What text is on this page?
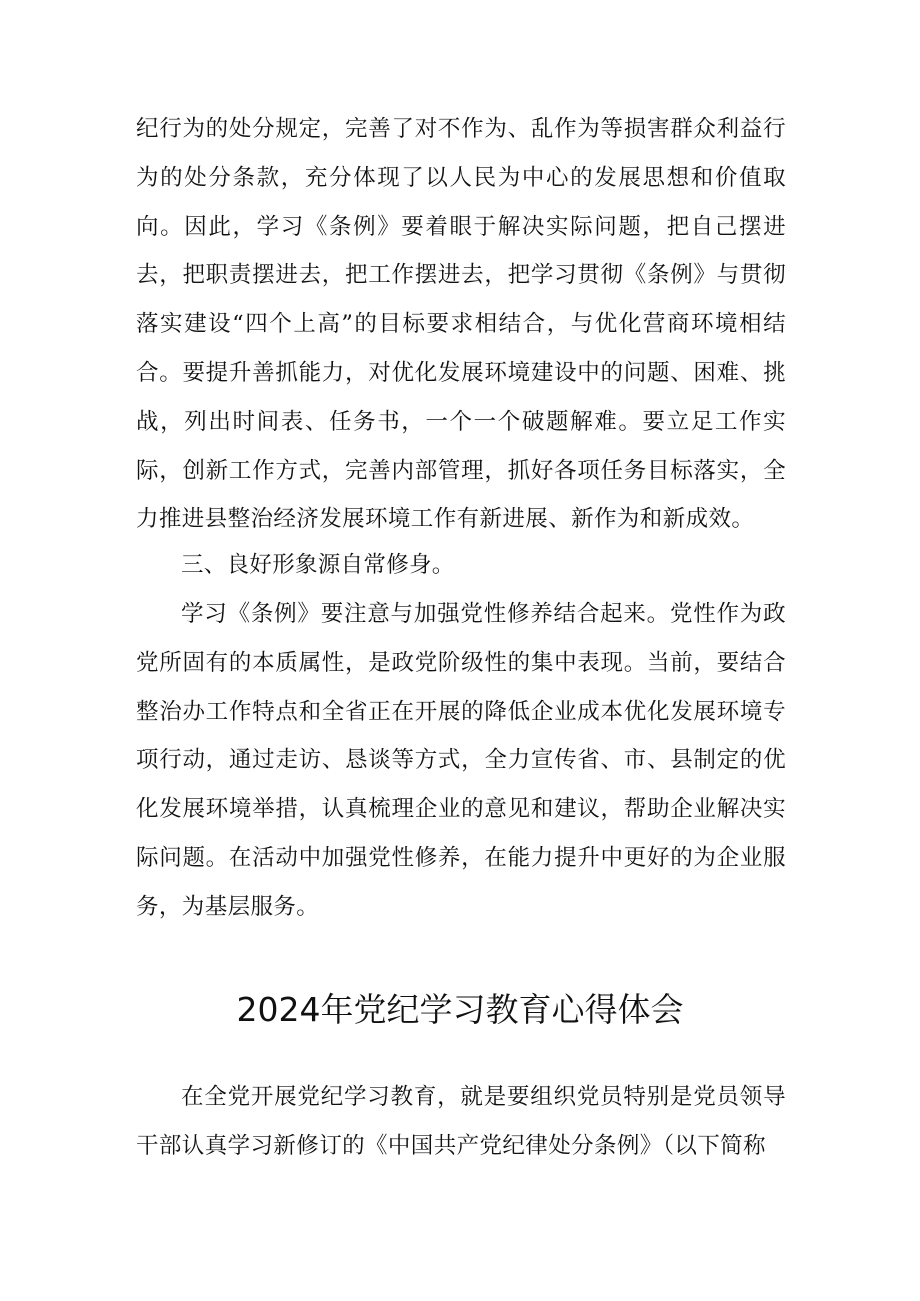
纪行为的处分规定，完善了对不作为、乱作为等损害群众利益行为的处分条款，充分体现了以人民为中心的发展思想和价值取向。因此，学习《条例》要着眼于解决实际问题，把自己摆进去，把职责摆进去，把工作摆进去，把学习贯彻《条例》与贯彻落实建设“四个上高”的目标要求相结合，与优化营商环境相结合。要提升善抓能力，对优化发展环境建设中的问题、困难、挑战，列出时间表、任务书，一个一个破题解难。要立足工作实际，创新工作方式，完善内部管理，抓好各项任务目标落实，全力推进县整治经济发展环境工作有新进展、新作为和新成效。

三、良好形象源自常修身。

学习《条例》要注意与加强党性修养结合起来。党性作为政党所固有的本质属性，是政党阶级性的集中表现。当前，要结合整治办工作特点和全省正在开展的降低企业成本优化发展环境专项行动，通过走访、恳谈等方式，全力宣传省、市、县制定的优化发展环境举措，认真梳理企业的意见和建议，帮助企业解决实际问题。在活动中加强党性修养，在能力提升中更好的为企业服务，为基层服务。

2024年党纪学习教育心得体会

在全党开展党纪学习教育，就是要组织党员特别是党员领导干部认真学习新修订的《中国共产党纪律处分条例》（以下简称
